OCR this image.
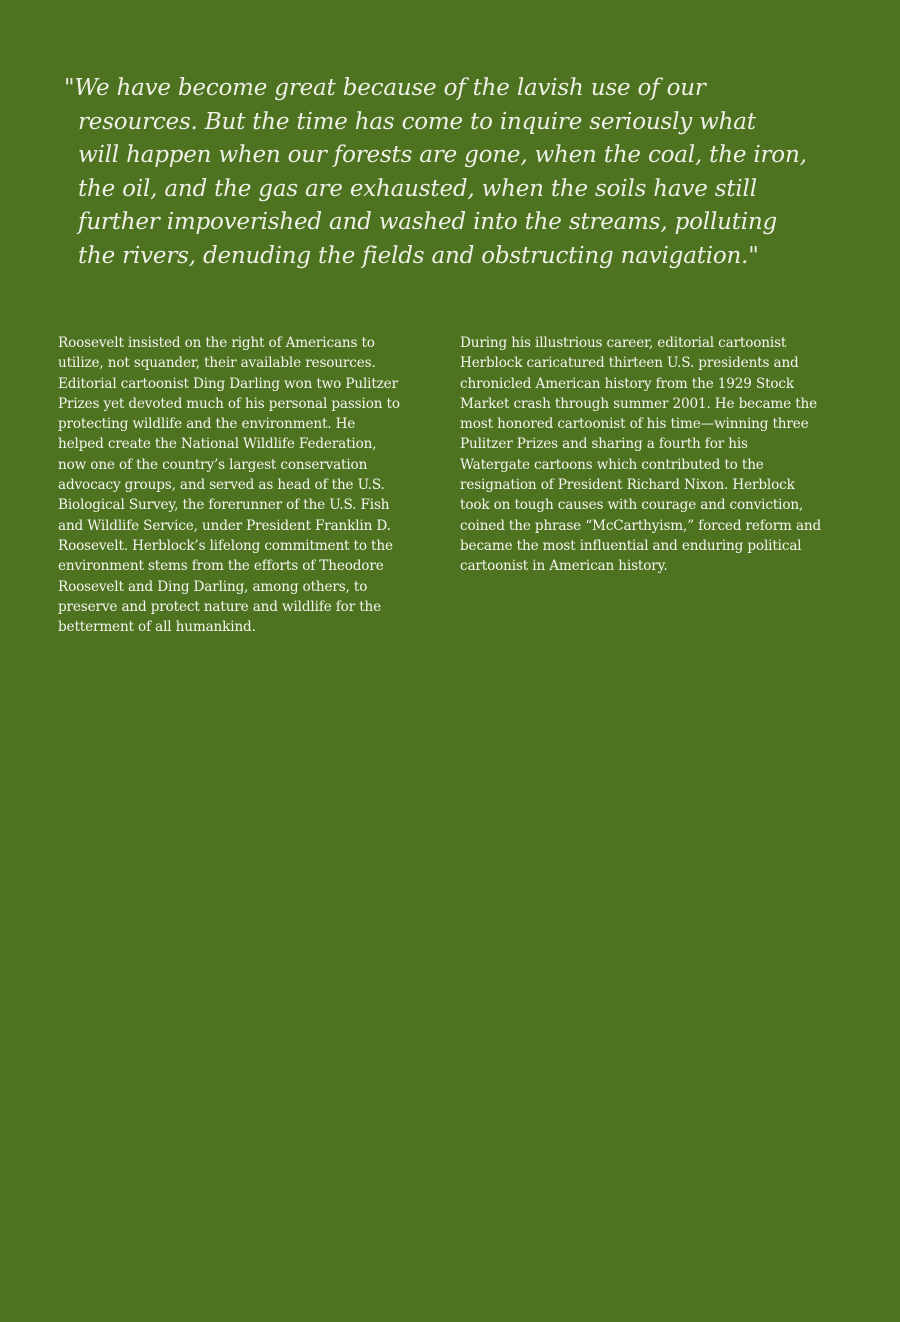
"We have become great because of the lavish use of our
resources. But the time has come to inquire seriously what
will happen when our forests are gone, when the coal, the iron,
the oil, and the gas are exhausted, when the soils have still
further impoverished and washed into the streams, polluting
the rivers, denuding the fields and obstructing navigation."
Roosevelt insisted on the right of Americans to
utilize, not squander, their available resources.
Editorial cartoonist Ding Darling won two Pulitzer
Prizes yet devoted much of his personal passion to
protecting wildlife and the environment. He
helped create the National Wildlife Federation,
now one of the country’s largest conservation
advocacy groups, and served as head of the U.S.
Biological Survey, the forerunner of the U.S. Fish
and Wildlife Service, under President Franklin D.
Roosevelt. Herblock’s lifelong commitment to the
environment stems from the efforts of Theodore
Roosevelt and Ding Darling, among others, to
preserve and protect nature and wildlife for the
betterment of all humankind.
During his illustrious career, editorial cartoonist
Herblock caricatured thirteen U.S. presidents and
chronicled American history from the 1929 Stock
Market crash through summer 2001. He became the
most honored cartoonist of his time—winning three
Pulitzer Prizes and sharing a fourth for his
Watergate cartoons which contributed to the
resignation of President Richard Nixon. Herblock
took on tough causes with courage and conviction,
coined the phrase “McCarthyism,” forced reform and
became the most influential and enduring political
cartoonist in American history.
